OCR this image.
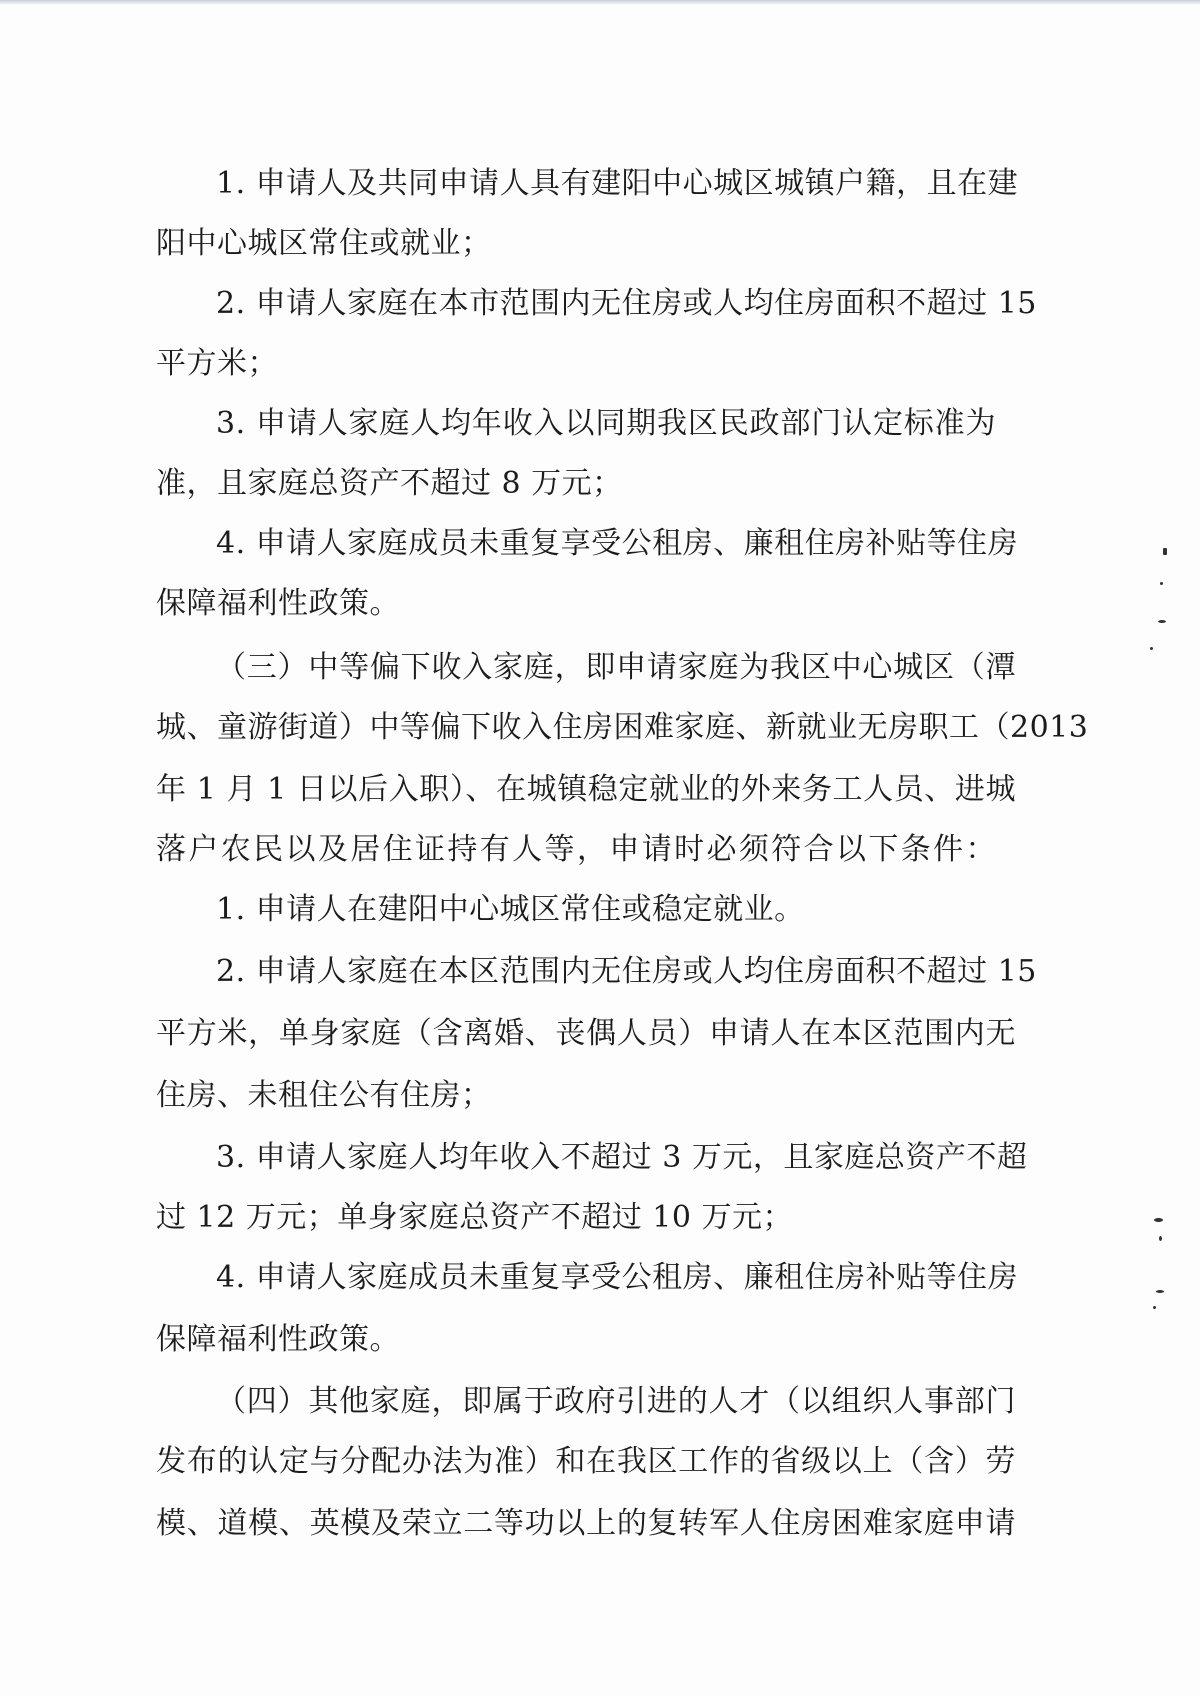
1. 申请人及共同申请人具有建阳中心城区城镇户籍，且在建
阳中心城区常住或就业；
2. 申请人家庭在本市范围内无住房或人均住房面积不超过 15
平方米；
3. 申请人家庭人均年收入以同期我区民政部门认定标准为
准，且家庭总资产不超过 8 万元；
4. 申请人家庭成员未重复享受公租房、廉租住房补贴等住房
保障福利性政策。
（三）中等偏下收入家庭，即申请家庭为我区中心城区（潭
城、童游街道）中等偏下收入住房困难家庭、新就业无房职工（2013
年 1 月 1 日以后入职）、在城镇稳定就业的外来务工人员、进城
落户农民以及居住证持有人等，申请时必须符合以下条件：
1. 申请人在建阳中心城区常住或稳定就业。
2. 申请人家庭在本区范围内无住房或人均住房面积不超过 15
平方米，单身家庭（含离婚、丧偶人员）申请人在本区范围内无
住房、未租住公有住房；
3. 申请人家庭人均年收入不超过 3 万元，且家庭总资产不超
过 12 万元；单身家庭总资产不超过 10 万元；
4. 申请人家庭成员未重复享受公租房、廉租住房补贴等住房
保障福利性政策。
（四）其他家庭，即属于政府引进的人才（以组织人事部门
发布的认定与分配办法为准）和在我区工作的省级以上（含）劳
模、道模、英模及荣立二等功以上的复转军人住房困难家庭申请
